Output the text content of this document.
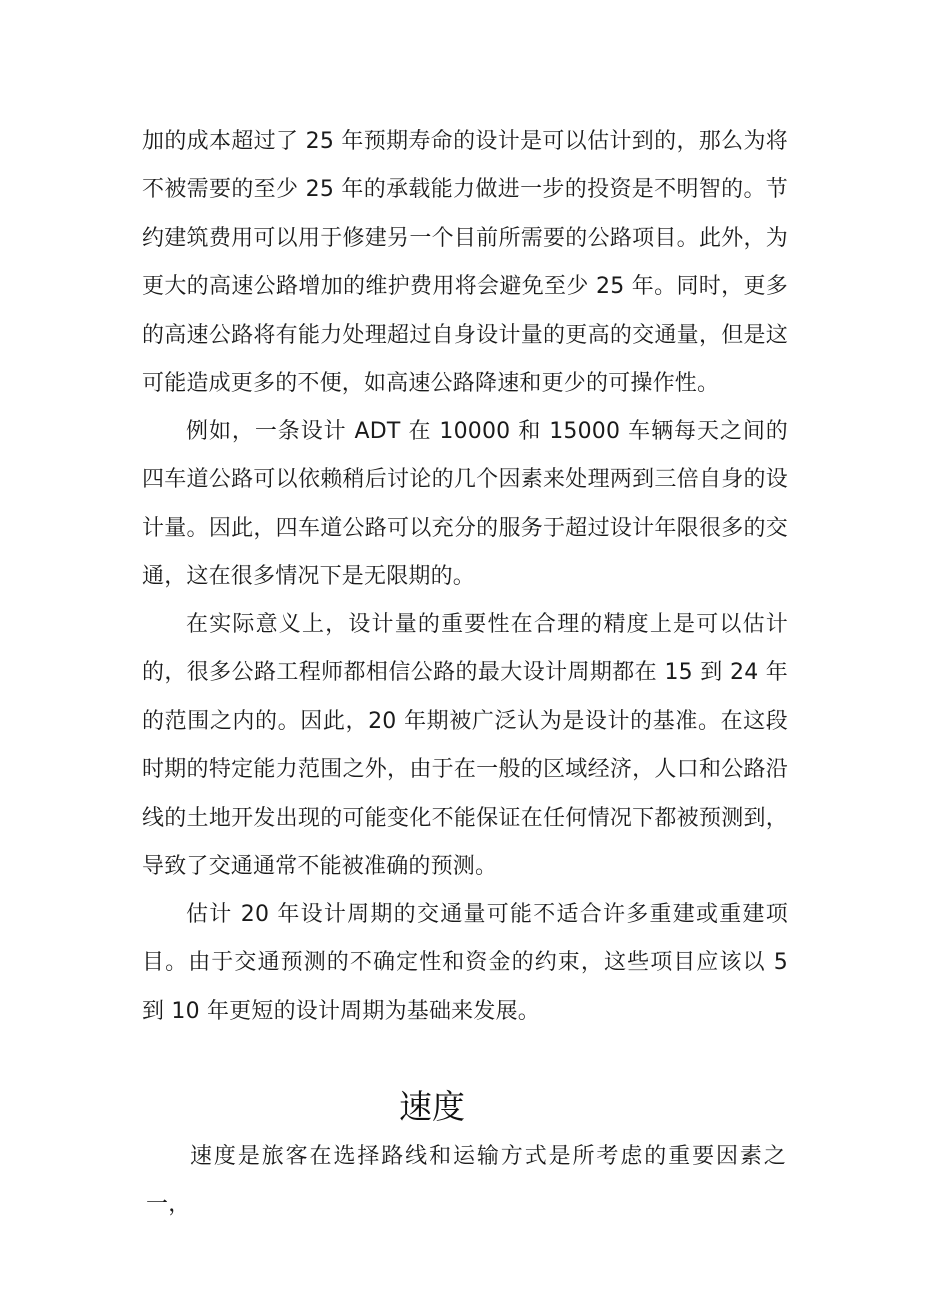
加的成本超过了 25 年预期寿命的设计是可以估计到的，那么为将不被需要的至少 25 年的承载能力做进一步的投资是不明智的。节约建筑费用可以用于修建另一个目前所需要的公路项目。此外，为更大的高速公路增加的维护费用将会避免至少 25 年。同时，更多的高速公路将有能力处理超过自身设计量的更高的交通量，但是这可能造成更多的不便，如高速公路降速和更少的可操作性。

例如，一条设计 ADT 在 10000 和 15000 车辆每天之间的四车道公路可以依赖稍后讨论的几个因素来处理两到三倍自身的设计量。因此，四车道公路可以充分的服务于超过设计年限很多的交通，这在很多情况下是无限期的。

在实际意义上，设计量的重要性在合理的精度上是可以估计的，很多公路工程师都相信公路的最大设计周期都在 15 到 24 年的范围之内的。因此，20 年期被广泛认为是设计的基准。在这段时期的特定能力范围之外，由于在一般的区域经济，人口和公路沿线的土地开发出现的可能变化不能保证在任何情况下都被预测到，导致了交通通常不能被准确的预测。

估计 20 年设计周期的交通量可能不适合许多重建或重建项目。由于交通预测的不确定性和资金的约束，这些项目应该以 5 到 10 年更短的设计周期为基础来发展。

速度

速度是旅客在选择路线和运输方式是所考虑的重要因素之一，
